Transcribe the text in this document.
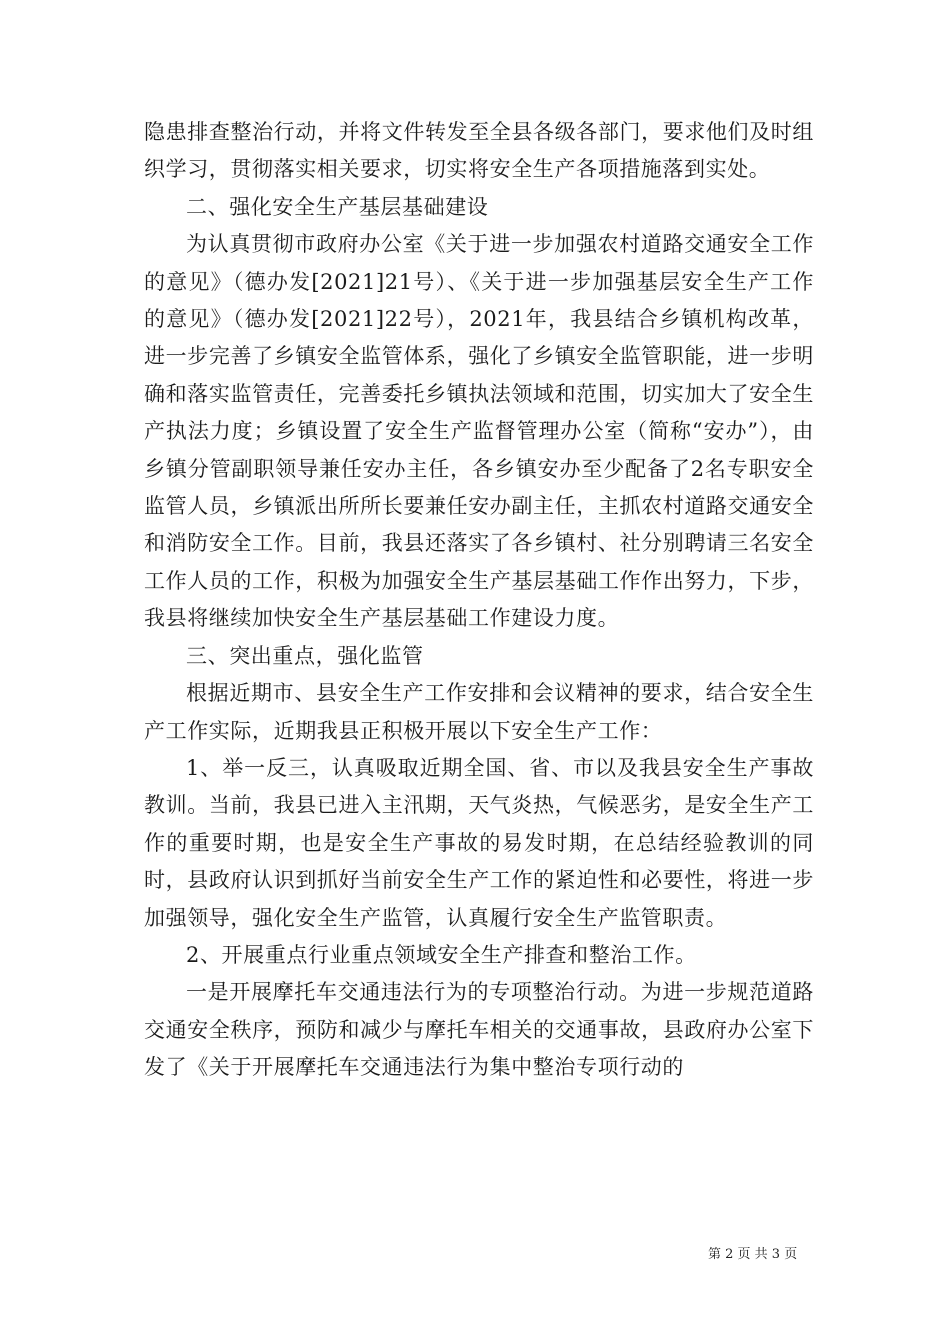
隐患排查整治行动，并将文件转发至全县各级各部门，要求他们及时组织学习，贯彻落实相关要求，切实将安全生产各项措施落到实处。

二、强化安全生产基层基础建设

为认真贯彻市政府办公室《关于进一步加强农村道路交通安全工作的意见》（德办发[2021]21号）、《关于进一步加强基层安全生产工作的意见》（德办发[2021]22号），2021年，我县结合乡镇机构改革，进一步完善了乡镇安全监管体系，强化了乡镇安全监管职能，进一步明确和落实监管责任，完善委托乡镇执法领域和范围，切实加大了安全生产执法力度；乡镇设置了安全生产监督管理办公室（简称“安办”），由乡镇分管副职领导兼任安办主任，各乡镇安办至少配备了2名专职安全监管人员，乡镇派出所所长要兼任安办副主任，主抓农村道路交通安全和消防安全工作。目前，我县还落实了各乡镇村、社分别聘请三名安全工作人员的工作，积极为加强安全生产基层基础工作作出努力，下步，我县将继续加快安全生产基层基础工作建设力度。

三、突出重点，强化监管

根据近期市、县安全生产工作安排和会议精神的要求，结合安全生产工作实际，近期我县正积极开展以下安全生产工作：

1、举一反三，认真吸取近期全国、省、市以及我县安全生产事故教训。当前，我县已进入主汛期，天气炎热，气候恶劣，是安全生产工作的重要时期，也是安全生产事故的易发时期，在总结经验教训的同时，县政府认识到抓好当前安全生产工作的紧迫性和必要性，将进一步加强领导，强化安全生产监管，认真履行安全生产监管职责。

2、开展重点行业重点领域安全生产排查和整治工作。

一是开展摩托车交通违法行为的专项整治行动。为进一步规范道路交通安全秩序，预防和减少与摩托车相关的交通事故，县政府办公室下发了《关于开展摩托车交通违法行为集中整治专项行动的

第 2 页 共 3 页
